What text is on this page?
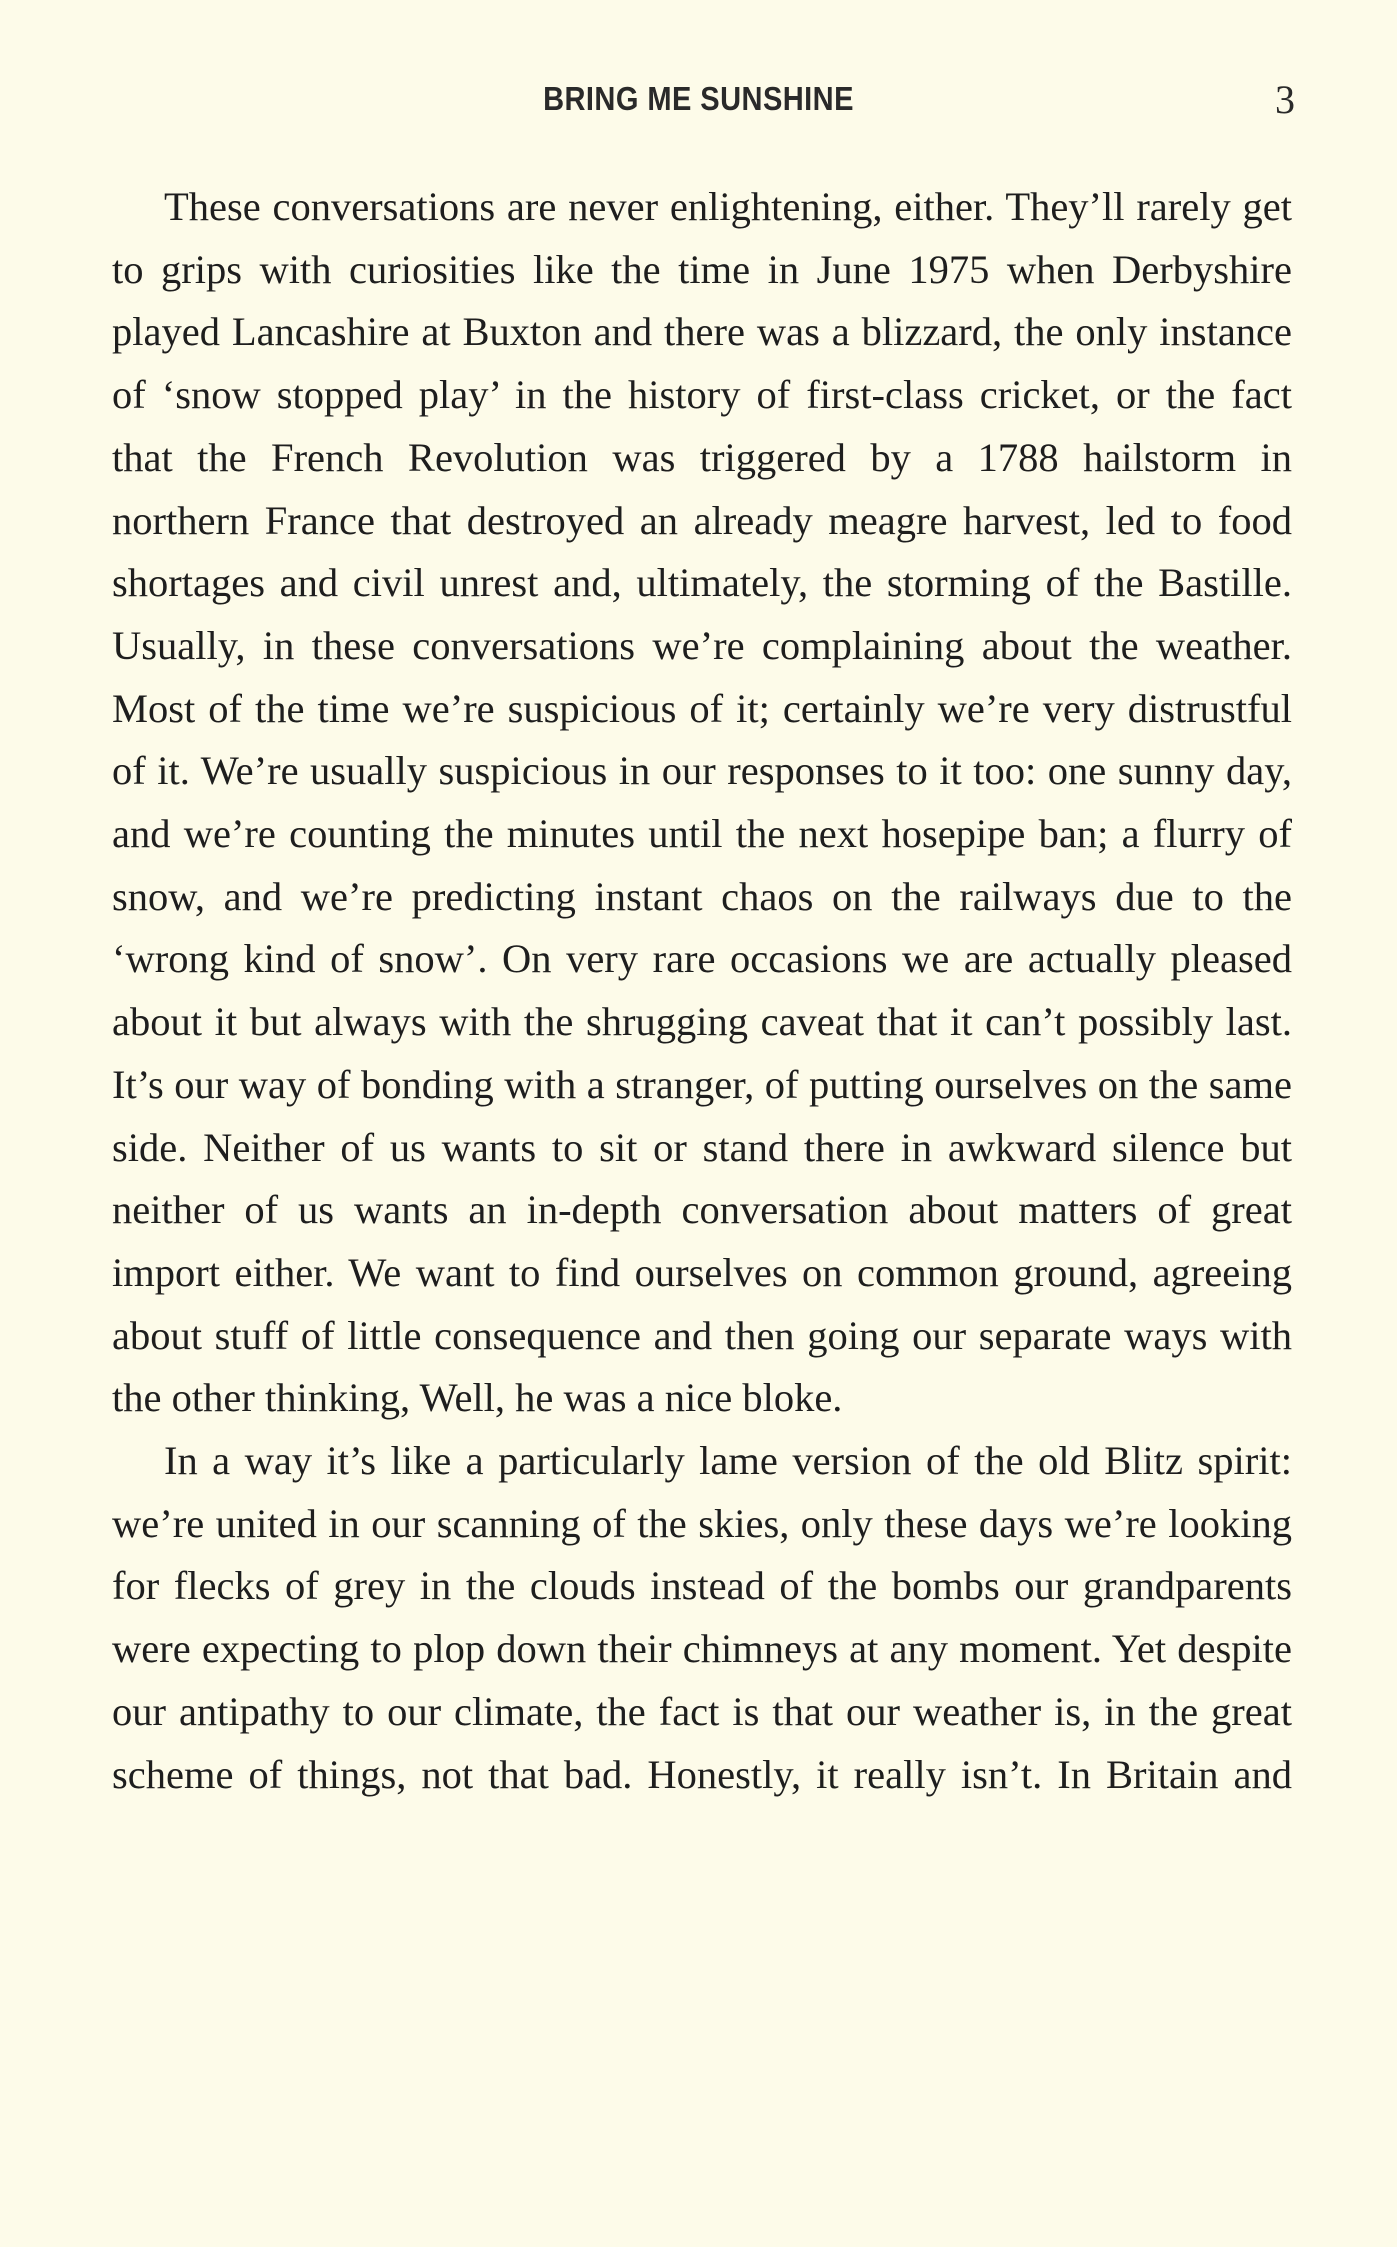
BRING ME SUNSHINE	3

These conversations are never enlightening, either. They’ll rarely get to grips with curiosities like the time in June 1975 when Derbyshire played Lancashire at Buxton and there was a blizzard, the only instance of ‘snow stopped play’ in the history of first-class cricket, or the fact that the French Revolution was triggered by a 1788 hailstorm in northern France that destroyed an already meagre harvest, led to food shortages and civil unrest and, ultimately, the storming of the Bastille. Usually, in these conversations we’re complaining about the weather. Most of the time we’re suspicious of it; certainly we’re very distrustful of it. We’re usually suspicious in our responses to it too: one sunny day, and we’re counting the minutes until the next hosepipe ban; a flurry of snow, and we’re predicting instant chaos on the railways due to the ‘wrong kind of snow’. On very rare occasions we are actually pleased about it but always with the shrugging caveat that it can’t possibly last. It’s our way of bonding with a stranger, of putting ourselves on the same side. Neither of us wants to sit or stand there in awkward silence but neither of us wants an in-depth conversation about matters of great import either. We want to find ourselves on common ground, agreeing about stuff of little consequence and then going our separate ways with the other thinking, Well, he was a nice bloke.

In a way it’s like a particularly lame version of the old Blitz spirit: we’re united in our scanning of the skies, only these days we’re looking for flecks of grey in the clouds instead of the bombs our grandparents were expecting to plop down their chimneys at any moment. Yet despite our antipathy to our climate, the fact is that our weather is, in the great scheme of things, not that bad. Honestly, it really isn’t. In Britain and
